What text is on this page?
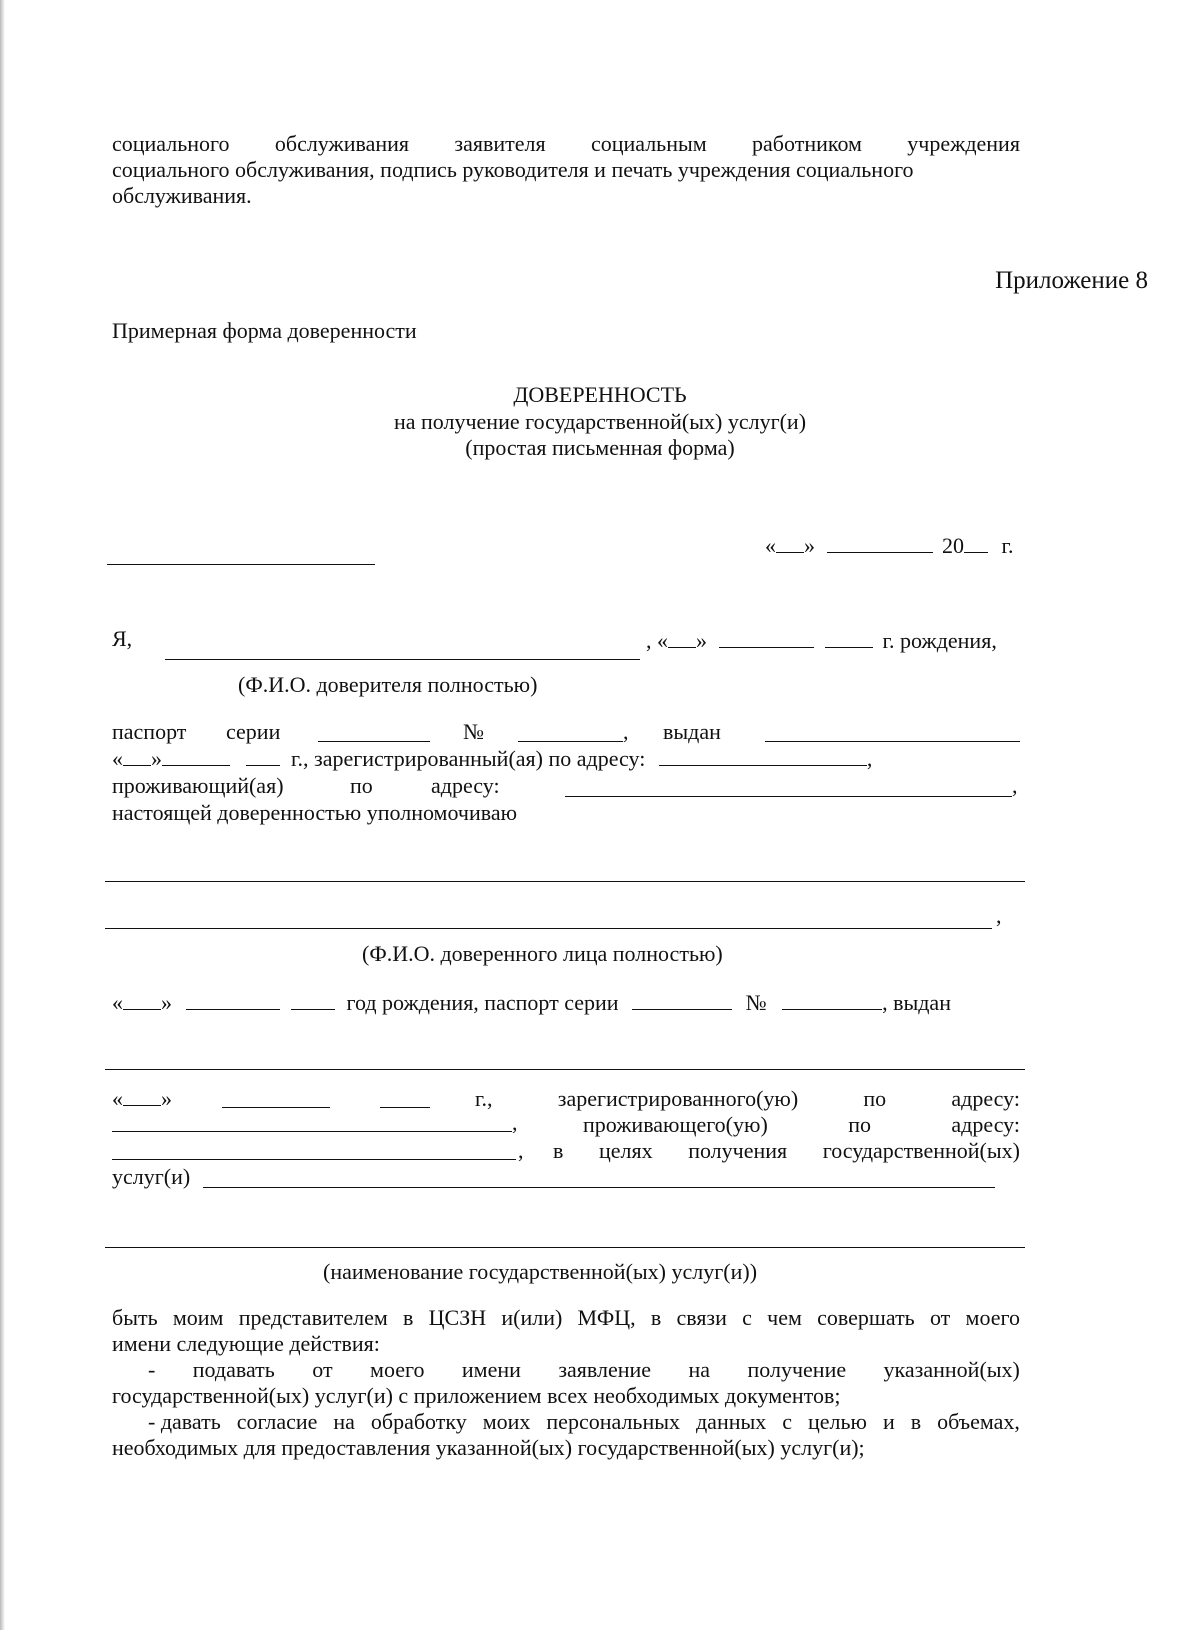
социального обслуживания заявителя социальным работником учреждения
социального обслуживания, подпись руководителя и печать учреждения социального
обслуживания.
Приложение 8
Примерная форма доверенности
ДОВЕРЕННОСТЬ
на получение государственной(ых) услуг(и)
(простая письменная форма)
« »	20 г.
Я,	, « »	г. рождения,
(Ф.И.О. доверителя полностью)
паспорт серии	№	, выдан
« »	г., зарегистрированный(ая) по адресу:	,
проживающий(ая)	по	адресу:	,
настоящей доверенностью уполномочиваю
,
(Ф.И.О. доверенного лица полностью)
« »	год рождения, паспорт серии	№	, выдан
« »	г.,	зарегистрированного(ую)	по	адресу:
,	проживающего(ую)	по	адресу:
, в целях получения государственной(ых)
услуг(и)
(наименование государственной(ых) услуг(и))
быть моим представителем в ЦСЗН и(или) МФЦ, в связи с чем совершать от моего
имени следующие действия:
- подавать от моего имени заявление на получение указанной(ых)
государственной(ых) услуг(и) с приложением всех необходимых документов;
- давать согласие на обработку моих персональных данных с целью и в объемах,
необходимых для предоставления указанной(ых) государственной(ых) услуг(и);
